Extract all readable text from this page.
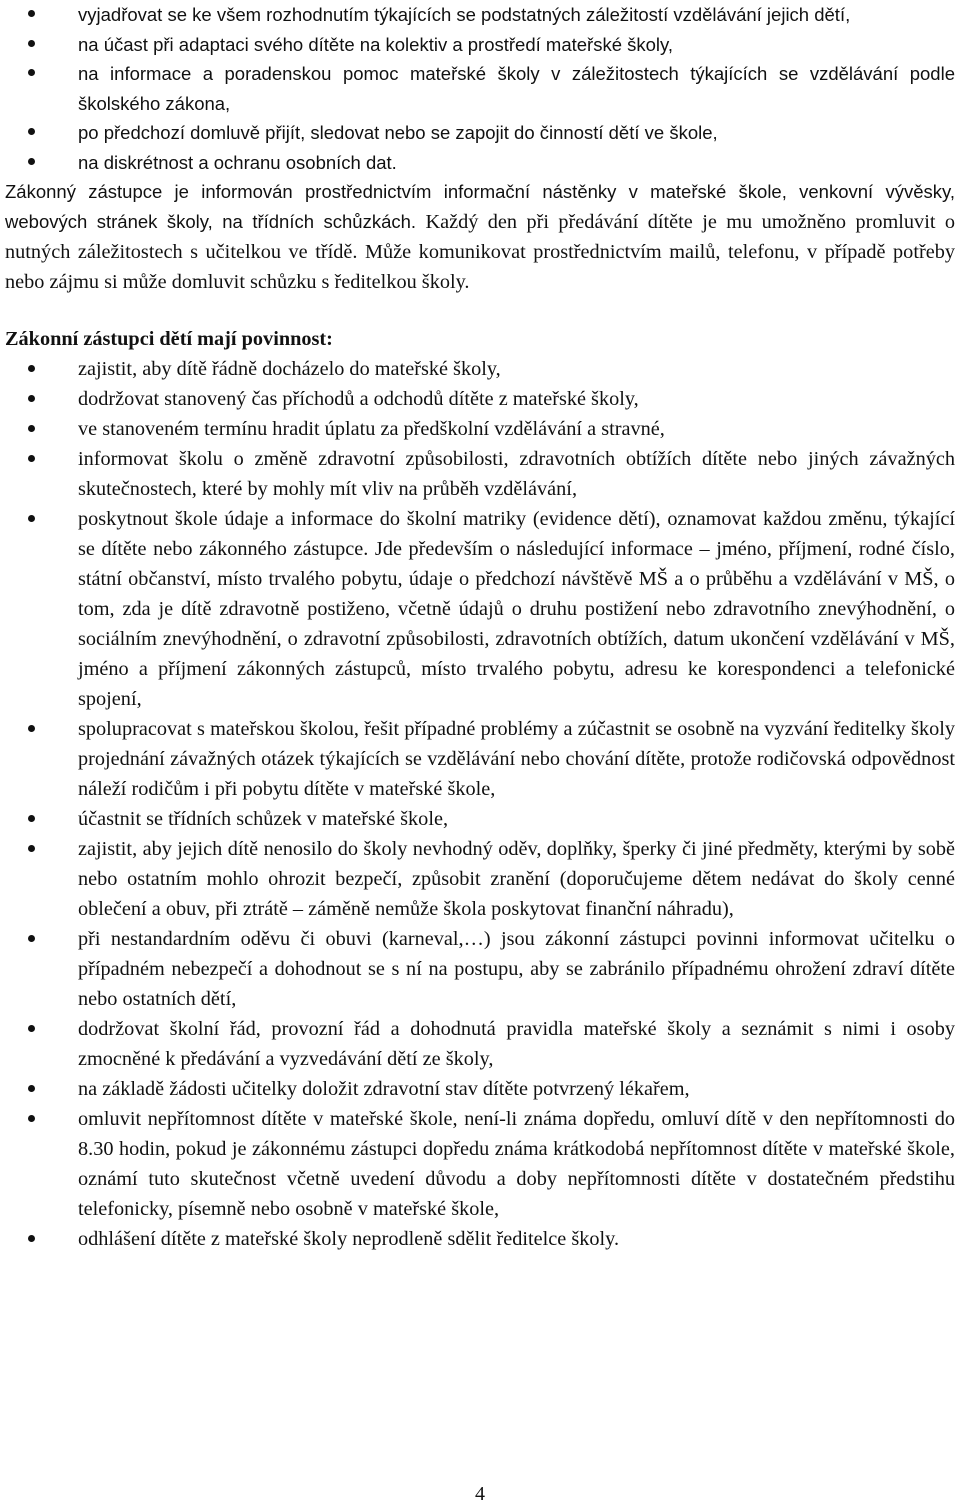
vyjadřovat se ke všem rozhodnutím týkajících se podstatných záležitostí vzdělávání jejich dětí,
na účast při adaptaci svého dítěte na kolektiv a prostředí mateřské školy,
na informace a poradenskou pomoc mateřské školy v záležitostech týkajících se vzdělávání podle školského zákona,
po předchozí domluvě přijít, sledovat nebo se zapojit do činností dětí ve škole,
na diskrétnost a ochranu osobních dat.

Zákonný zástupce je informován prostřednictvím informační nástěnky v mateřské škole, venkovní vývěsky, webových stránek školy, na třídních schůzkách. Každý den při předávání dítěte je mu umožněno promluvit o nutných záležitostech s učitelkou ve třídě. Může komunikovat prostřednictvím mailů, telefonu, v případě potřeby nebo zájmu si může domluvit schůzku s ředitelkou školy.

Zákonní zástupci dětí mají povinnost:
zajistit, aby dítě řádně docházelo do mateřské školy,
dodržovat stanovený čas příchodů a odchodů dítěte z mateřské školy,
ve stanoveném termínu hradit úplatu za předškolní vzdělávání a stravné,
informovat školu o změně zdravotní způsobilosti, zdravotních obtížích dítěte nebo jiných závažných skutečnostech, které by mohly mít vliv na průběh vzdělávání,
poskytnout škole údaje a informace do školní matriky (evidence dětí), oznamovat každou změnu, týkající se dítěte nebo zákonného zástupce. Jde především o následující informace – jméno, příjmení, rodné číslo, státní občanství, místo trvalého pobytu, údaje o předchozí návštěvě MŠ a o průběhu a vzdělávání v MŠ, o tom, zda je dítě zdravotně postiženo, včetně údajů o druhu postižení nebo zdravotního znevýhodnění, o sociálním znevýhodnění, o zdravotní způsobilosti, zdravotních obtížích, datum ukončení vzdělávání v MŠ, jméno a příjmení zákonných zástupců, místo trvalého pobytu, adresu ke korespondenci a telefonické spojení,
spolupracovat s mateřskou školou, řešit případné problémy a zúčastnit se osobně na vyzvání ředitelky školy projednání závažných otázek týkajících se vzdělávání nebo chování dítěte, protože rodičovská odpovědnost náleží rodičům i při pobytu dítěte v mateřské škole,
účastnit se třídních schůzek v mateřské škole,
zajistit, aby jejich dítě nenosilo do školy nevhodný oděv, doplňky, šperky či jiné předměty, kterými by sobě nebo ostatním mohlo ohrozit bezpečí, způsobit zranění (doporučujeme dětem nedávat do školy cenné oblečení a obuv, při ztrátě – záměně nemůže škola poskytovat finanční náhradu),
při nestandardním oděvu či obuvi (karneval,…) jsou zákonní zástupci povinni informovat učitelku o případném nebezpečí a dohodnout se s ní na postupu, aby se zabránilo případnému ohrožení zdraví dítěte nebo ostatních dětí,
dodržovat školní řád, provozní řád a dohodnutá pravidla mateřské školy a seznámit s nimi i osoby zmocněné k předávání a vyzvedávání dětí ze školy,
na základě žádosti učitelky doložit zdravotní stav dítěte potvrzený lékařem,
omluvit nepřítomnost dítěte v mateřské škole, není-li známa dopředu, omluví dítě v den nepřítomnosti do 8.30 hodin, pokud je zákonnému zástupci dopředu známa krátkodobá nepřítomnost dítěte v mateřské škole, oznámí tuto skutečnost včetně uvedení důvodu a doby nepřítomnosti dítěte v dostatečném předstihu telefonicky, písemně nebo osobně v mateřské škole,
odhlášení dítěte z mateřské školy neprodleně sdělit ředitelce školy.
4
